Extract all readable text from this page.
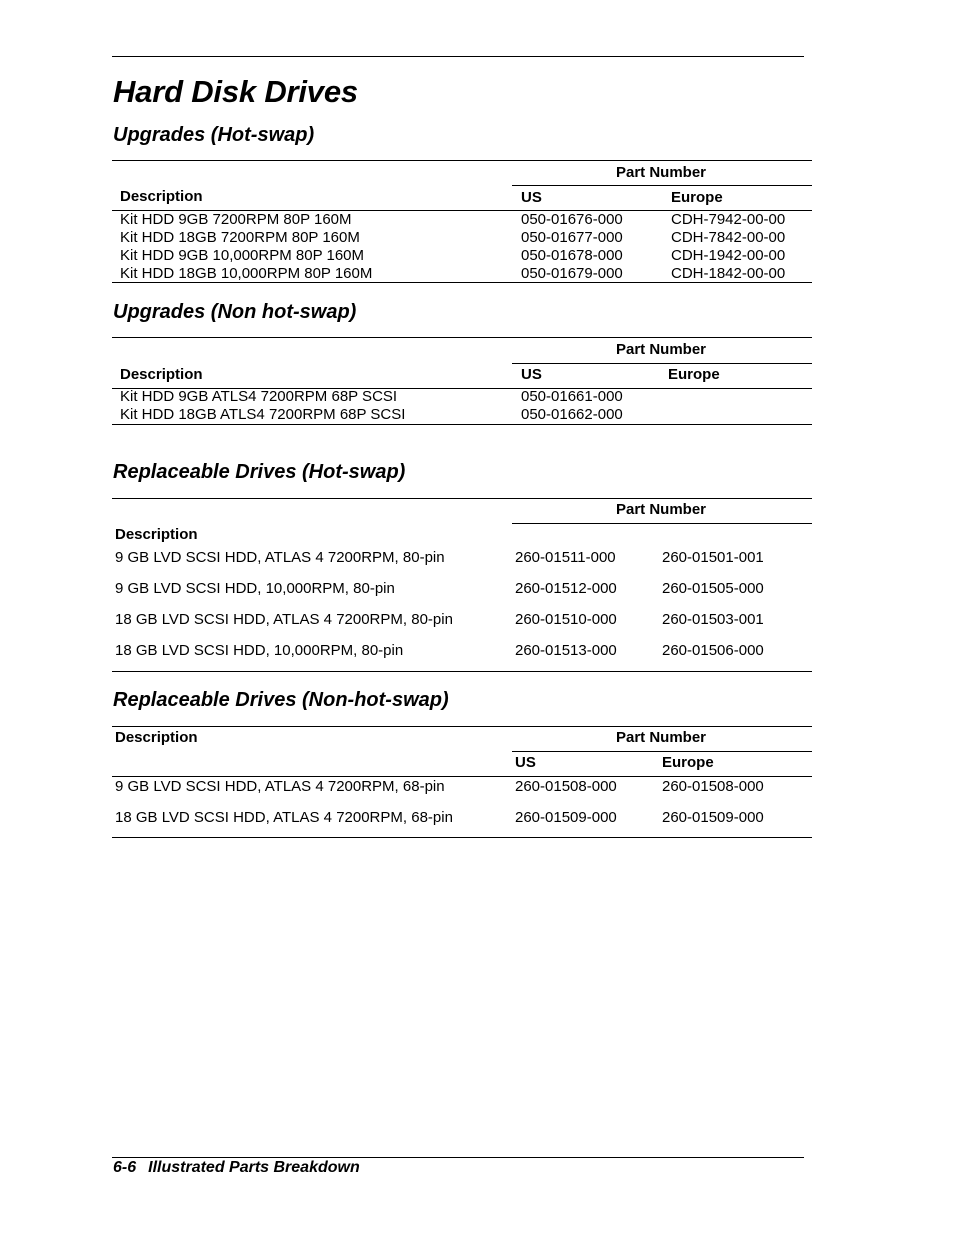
Hard Disk Drives
Upgrades (Hot-swap)
Part Number
Description	US	Europe
Kit HDD 9GB 7200RPM 80P 160M	050-01676-000	CDH-7942-00-00
Kit HDD 18GB 7200RPM 80P 160M	050-01677-000	CDH-7842-00-00
Kit HDD 9GB 10,000RPM 80P 160M	050-01678-000	CDH-1942-00-00
Kit HDD 18GB 10,000RPM 80P 160M	050-01679-000	CDH-1842-00-00
Upgrades (Non hot-swap)
Part Number
Description	US	Europe
Kit HDD 9GB ATLS4 7200RPM 68P SCSI	050-01661-000
Kit HDD 18GB ATLS4 7200RPM 68P SCSI	050-01662-000
Replaceable Drives (Hot-swap)
Part Number
Description
9 GB LVD SCSI HDD, ATLAS 4 7200RPM, 80-pin	260-01511-000	260-01501-001
9 GB LVD SCSI HDD, 10,000RPM, 80-pin	260-01512-000	260-01505-000
18 GB LVD SCSI HDD, ATLAS 4 7200RPM, 80-pin	260-01510-000	260-01503-001
18 GB LVD SCSI HDD, 10,000RPM, 80-pin	260-01513-000	260-01506-000
Replaceable Drives (Non-hot-swap)
Description	Part Number
US	Europe
9 GB LVD SCSI HDD, ATLAS 4 7200RPM, 68-pin	260-01508-000	260-01508-000
18 GB LVD SCSI HDD, ATLAS 4 7200RPM, 68-pin	260-01509-000	260-01509-000
6-6 Illustrated Parts Breakdown
